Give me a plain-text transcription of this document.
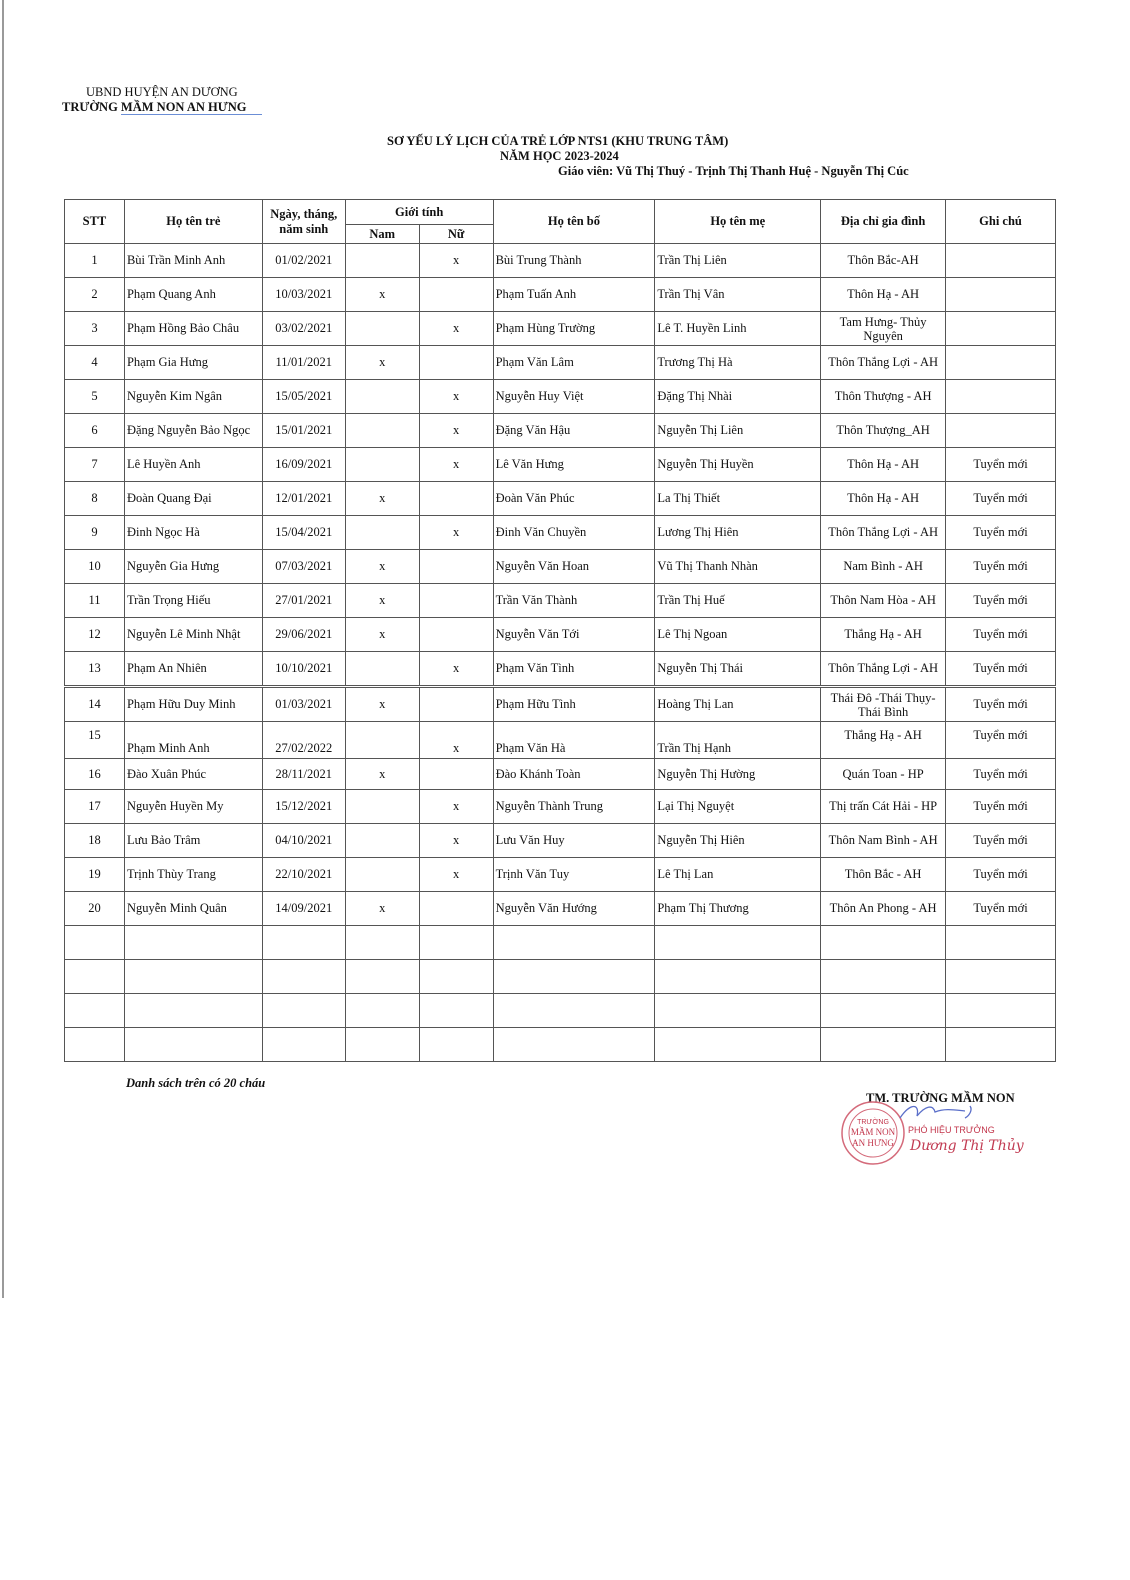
UBND HUYỆN AN DƯƠNG
TRƯỜNG MẦM NON AN HƯNG
SƠ YẾU LÝ LỊCH CỦA TRẺ LỚP NTS1 (KHU TRUNG TÂM)
NĂM HỌC 2023-2024
Giáo viên: Vũ Thị Thuý - Trịnh Thị Thanh Huệ - Nguyễn Thị Cúc
STT	Họ tên trẻ	Ngày, tháng, năm sinh	Giới tính		Họ tên bố	Họ tên mẹ	Địa chỉ gia đình	Ghi chú
			Nam	Nữ				
1	Bùi Trần Minh Anh	01/02/2021		x	Bùi Trung Thành	Trần Thị Liên	Thôn Bắc-AH	
2	Phạm Quang Anh	10/03/2021	x		Phạm Tuấn Anh	Trần Thị Vân	Thôn Hạ - AH	
3	Phạm Hồng Bảo Châu	03/02/2021		x	Phạm Hùng Trường	Lê T. Huyền Linh	Tam Hưng- Thủy Nguyên	
4	Phạm Gia Hưng	11/01/2021	x		Phạm Văn Lâm	Trương Thị Hà	Thôn Thắng Lợi - AH	
5	Nguyễn Kim Ngân	15/05/2021		x	Nguyễn Huy Việt	Đặng Thị Nhài	Thôn Thượng - AH	
6	Đặng Nguyễn Bảo Ngọc	15/01/2021		x	Đặng Văn Hậu	Nguyễn Thị Liên	Thôn Thượng_AH	
7	Lê Huyền Anh	16/09/2021		x	Lê Văn Hưng	Nguyễn Thị Huyền	Thôn Hạ - AH	Tuyển mới
8	Đoàn Quang Đại	12/01/2021	x		Đoàn Văn Phúc	La Thị Thiết	Thôn Hạ - AH	Tuyển mới
9	Đinh Ngọc Hà	15/04/2021		x	Đinh Văn Chuyền	Lương Thị Hiên	Thôn Thắng Lợi - AH	Tuyển mới
10	Nguyễn Gia Hưng	07/03/2021	x		Nguyễn Văn Hoan	Vũ Thị Thanh Nhàn	Nam Bình - AH	Tuyển mới
11	Trần Trọng Hiếu	27/01/2021	x		Trần Văn Thành	Trần Thị Huế	Thôn Nam Hòa - AH	Tuyển mới
12	Nguyễn Lê Minh Nhật	29/06/2021	x		Nguyễn Văn Tới	Lê Thị Ngoan	Thắng Hạ - AH	Tuyển mới
13	Phạm An Nhiên	10/10/2021		x	Phạm Văn Tình	Nguyễn Thị Thái	Thôn Thắng Lợi - AH	Tuyển mới
14	Phạm Hữu Duy Minh	01/03/2021	x		Phạm Hữu Tình	Hoàng Thị Lan	Thái Đô -Thái Thụy- Thái Bình	Tuyển mới
15	Phạm Minh Anh	27/02/2022		x	Phạm Văn Hà	Trần Thị Hạnh	Thắng Hạ - AH	Tuyển mới
16	Đào Xuân Phúc	28/11/2021	x		Đào Khánh Toàn	Nguyễn Thị Hường	Quán Toan - HP	Tuyển mới
17	Nguyễn Huyền My	15/12/2021		x	Nguyễn Thành Trung	Lại Thị Nguyệt	Thị trấn Cát Hải - HP	Tuyển mới
18	Lưu Bảo Trâm	04/10/2021		x	Lưu Văn Huy	Nguyễn Thị Hiên	Thôn Nam Bình - AH	Tuyển mới
19	Trịnh Thùy Trang	22/10/2021		x	Trịnh Văn Tuy	Lê Thị Lan	Thôn Bắc - AH	Tuyển mới
20	Nguyễn Minh Quân	14/09/2021	x		Nguyễn Văn Hướng	Phạm Thị Thương	Thôn An Phong - AH	Tuyển mới

Danh sách trên có 20 cháu
TM. TRƯỜNG MẦM NON
TRƯỜNG
MẦM NON
AN HƯNG
PHÓ HIỆU TRƯỞNG
Dương Thị Thủy
